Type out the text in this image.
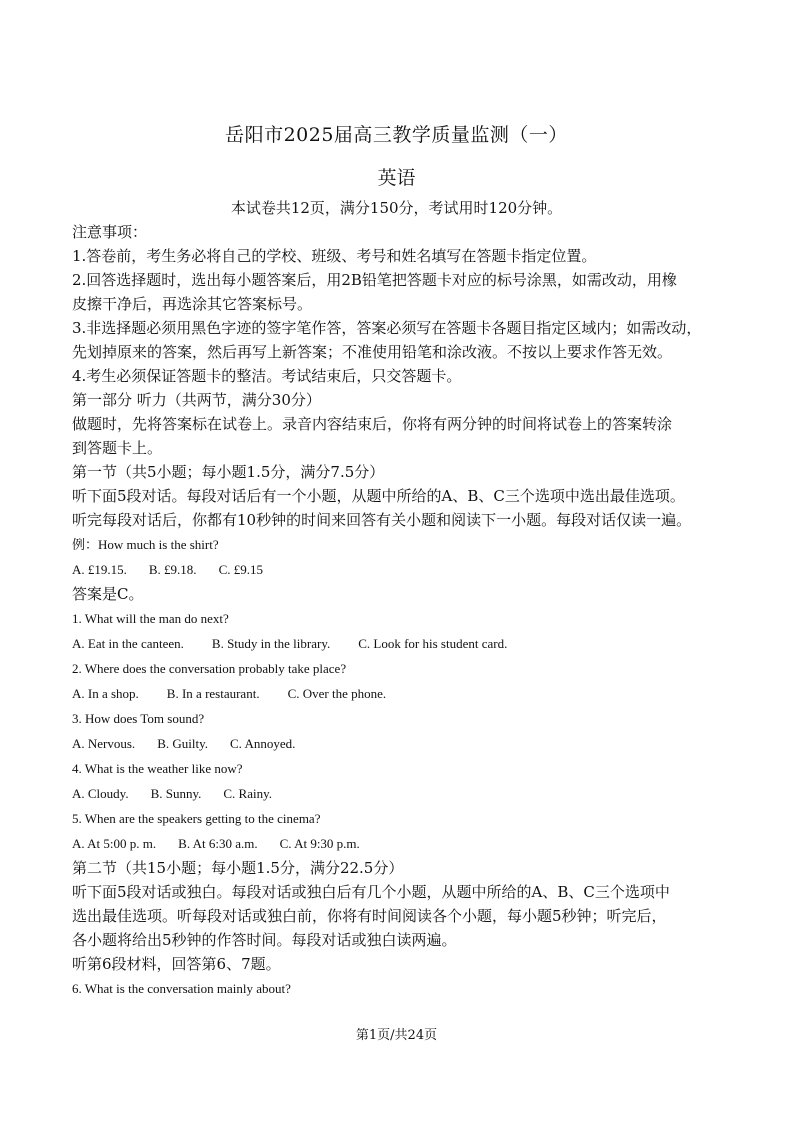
岳阳市2025届高三教学质量监测（一）
英语
本试卷共12页，满分150分，考试用时120分钟。

注意事项：

1.答卷前，考生务必将自己的学校、班级、考号和姓名填写在答题卡指定位置。

2.回答选择题时，选出每小题答案后，用2B铅笔把答题卡对应的标号涂黑，如需改动，用橡

皮擦干净后，再选涂其它答案标号。

3.非选择题必须用黑色字迹的签字笔作答，答案必须写在答题卡各题目指定区域内；如需改动，

先划掉原来的答案，然后再写上新答案；不准使用铅笔和涂改液。不按以上要求作答无效。

4.考生必须保证答题卡的整洁。考试结束后，只交答题卡。

第一部分 听力（共两节，满分30分）

做题时，先将答案标在试卷上。录音内容结束后，你将有两分钟的时间将试卷上的答案转涂

到答题卡上。

第一节（共5小题；每小题1.5分，满分7.5分）

听下面5段对话。每段对话后有一个小题，从题中所给的A、B、C三个选项中选出最佳选项。

听完每段对话后，你都有10秒钟的时间来回答有关小题和阅读下一小题。每段对话仅读一遍。

例：How much is the shirt?

A. £19.15. B. £9.18. C. £9.15

答案是C。

1. What will the man do next?

A. Eat in the canteen. B. Study in the library. C. Look for his student card.

2. Where does the conversation probably take place?

A. In a shop. B. In a restaurant. C. Over the phone.

3. How does Tom sound?

A. Nervous. B. Guilty. C. Annoyed.

4. What is the weather like now?

A. Cloudy. B. Sunny. C. Rainy.

5. When are the speakers getting to the cinema?

A. At 5:00 p. m. B. At 6:30 a.m. C. At 9:30 p.m.

第二节（共15小题；每小题1.5分，满分22.5分）

听下面5段对话或独白。每段对话或独白后有几个小题，从题中所给的A、B、C三个选项中

选出最佳选项。听每段对话或独白前，你将有时间阅读各个小题，每小题5秒钟；听完后，

各小题将给出5秒钟的作答时间。每段对话或独白读两遍。

听第6段材料，回答第6、7题。

6. What is the conversation mainly about?

第1页/共24页
